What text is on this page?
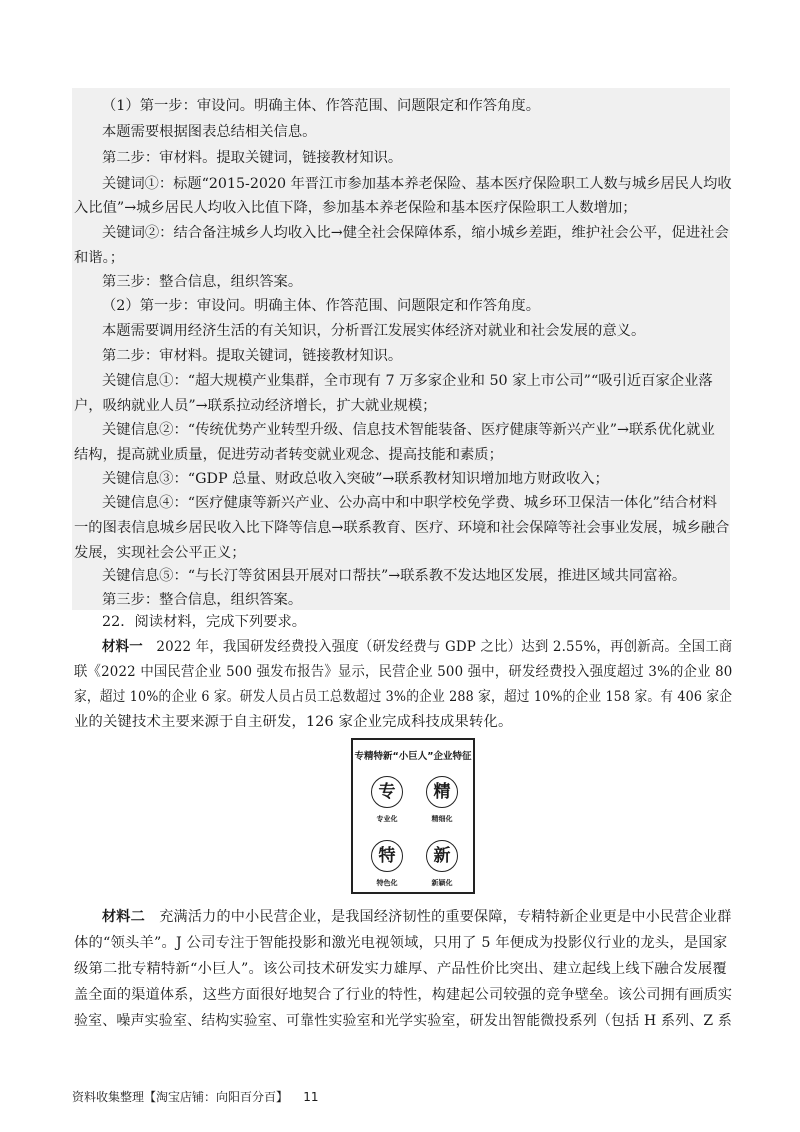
（1）第一步：审设问。明确主体、作答范围、问题限定和作答角度。
本题需要根据图表总结相关信息。
第二步：审材料。提取关键词，链接教材知识。
关键词①：标题“2015-2020 年晋江市参加基本养老保险、基本医疗保险职工人数与城乡居民人均收
入比值”→城乡居民人均收入比值下降，参加基本养老保险和基本医疗保险职工人数增加；
关键词②：结合备注城乡人均收入比→健全社会保障体系，缩小城乡差距，维护社会公平，促进社会
和谐。；
第三步：整合信息，组织答案。
（2）第一步：审设问。明确主体、作答范围、问题限定和作答角度。
本题需要调用经济生活的有关知识，分析晋江发展实体经济对就业和社会发展的意义。
第二步：审材料。提取关键词，链接教材知识。
关键信息①：“超大规模产业集群，全市现有 7 万多家企业和 50 家上市公司”“吸引近百家企业落
户，吸纳就业人员”→联系拉动经济增长，扩大就业规模；
关键信息②：“传统优势产业转型升级、信息技术智能装备、医疗健康等新兴产业”→联系优化就业
结构，提高就业质量，促进劳动者转变就业观念、提高技能和素质；
关键信息③：“GDP 总量、财政总收入突破”→联系教材知识增加地方财政收入；
关键信息④：“医疗健康等新兴产业、公办高中和中职学校免学费、城乡环卫保洁一体化”结合材料
一的图表信息城乡居民收入比下降等信息→联系教育、医疗、环境和社会保障等社会事业发展，城乡融合
发展，实现社会公平正义；
关键信息⑤：“与长汀等贫困县开展对口帮扶”→联系教不发达地区发展，推进区域共同富裕。
第三步：整合信息，组织答案。
22．阅读材料，完成下列要求。
材料一　2022 年，我国研发经费投入强度（研发经费与 GDP 之比）达到 2.55%，再创新高。全国工商
联《2022 中国民营企业 500 强发布报告》显示，民营企业 500 强中，研发经费投入强度超过 3%的企业 80
家，超过 10%的企业 6 家。研发人员占员工总数超过 3%的企业 288 家，超过 10%的企业 158 家。有 406 家企
业的关键技术主要来源于自主研发，126 家企业完成科技成果转化。
专精特新“小巨人”企业特征
专
专业化
精
精细化
特
特色化
新
新颖化
材料二　充满活力的中小民营企业，是我国经济韧性的重要保障，专精特新企业更是中小民营企业群
体的“领头羊”。J 公司专注于智能投影和激光电视领域，只用了 5 年便成为投影仪行业的龙头，是国家
级第二批专精特新“小巨人”。该公司技术研发实力雄厚、产品性价比突出、建立起线上线下融合发展覆
盖全面的渠道体系，这些方面很好地契合了行业的特性，构建起公司较强的竞争壁垒。该公司拥有画质实
验室、噪声实验室、结构实验室、可靠性实验室和光学实验室，研发出智能微投系列（包括 H 系列、Z 系
资料收集整理【淘宝店铺：向阳百分百】 11
